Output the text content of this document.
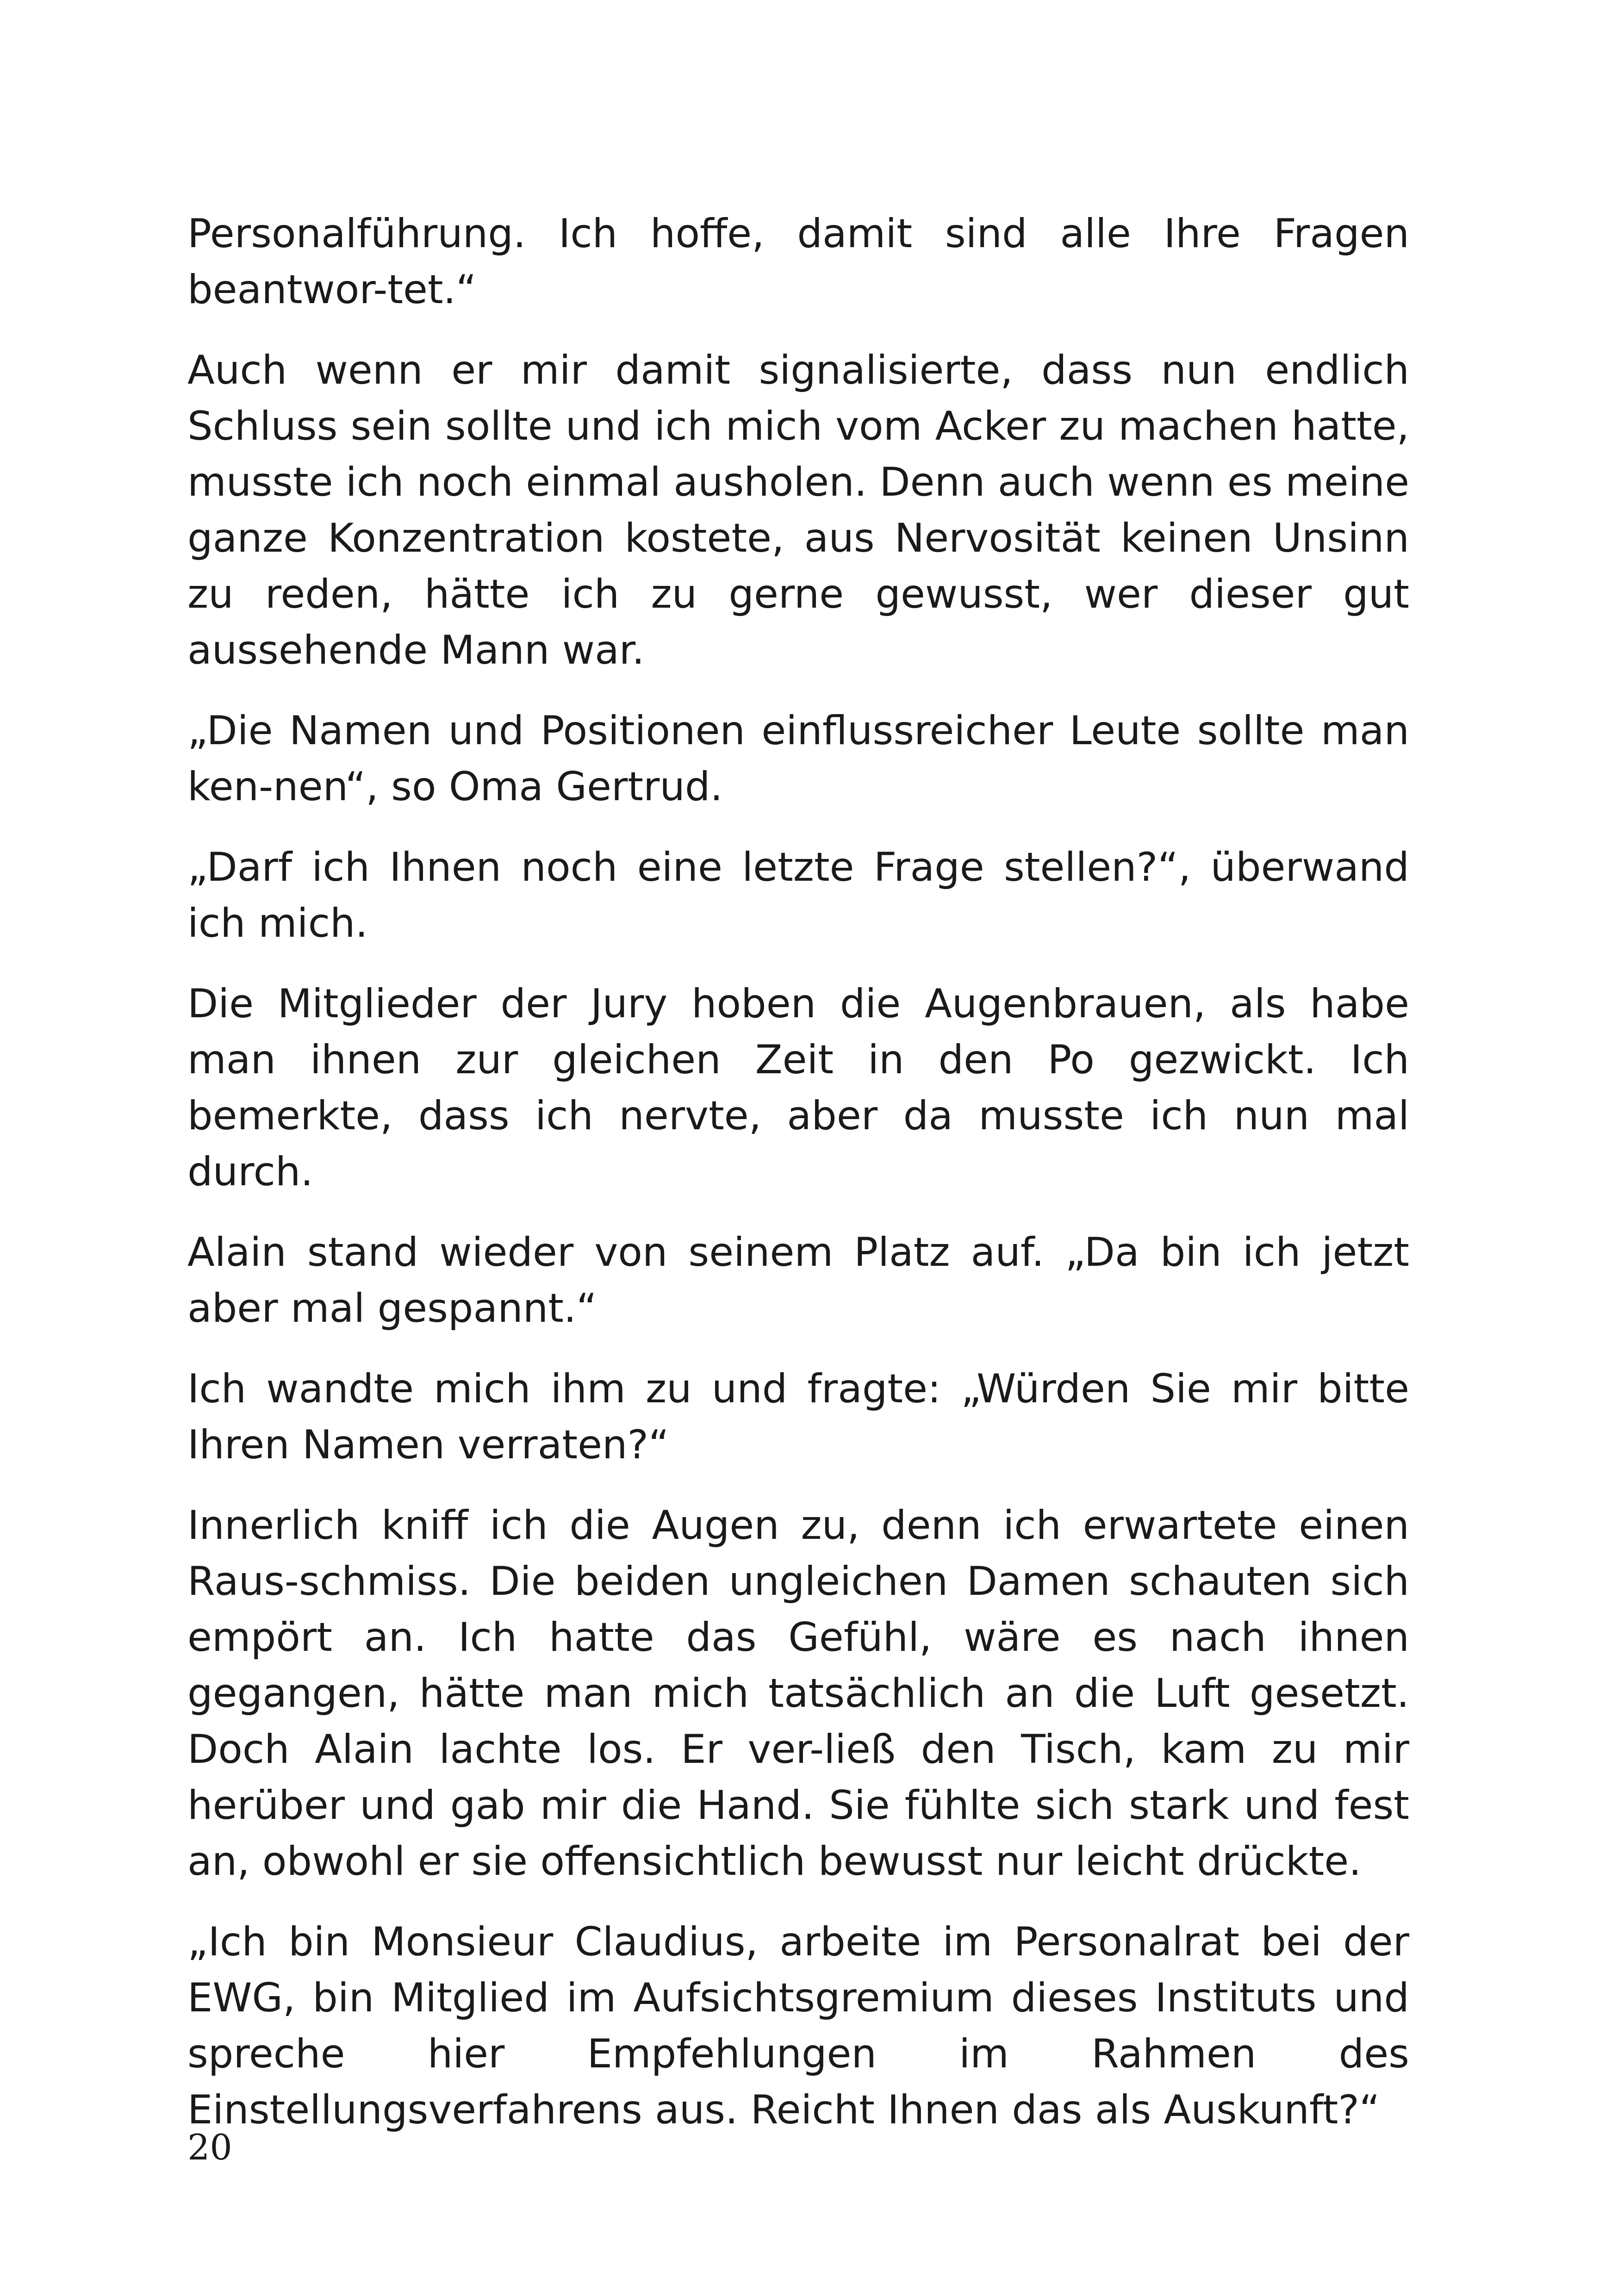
Personalführung. Ich hoffe, damit sind alle Ihre Fragen beantwor-tet.“

Auch wenn er mir damit signalisierte, dass nun endlich Schluss sein sollte und ich mich vom Acker zu machen hatte, musste ich noch einmal ausholen. Denn auch wenn es meine ganze Konzentration kostete, aus Nervosität keinen Unsinn zu reden, hätte ich zu gerne gewusst, wer dieser gut aussehende Mann war.

„Die Namen und Positionen einflussreicher Leute sollte man ken-nen“, so Oma Gertrud.

„Darf ich Ihnen noch eine letzte Frage stellen?“, überwand ich mich.

Die Mitglieder der Jury hoben die Augenbrauen, als habe man ihnen zur gleichen Zeit in den Po gezwickt. Ich bemerkte, dass ich nervte, aber da musste ich nun mal durch.

Alain stand wieder von seinem Platz auf. „Da bin ich jetzt aber mal gespannt.“

Ich wandte mich ihm zu und fragte: „Würden Sie mir bitte Ihren Namen verraten?“

Innerlich kniff ich die Augen zu, denn ich erwartete einen Raus-schmiss. Die beiden ungleichen Damen schauten sich empört an. Ich hatte das Gefühl, wäre es nach ihnen gegangen, hätte man mich tatsächlich an die Luft gesetzt. Doch Alain lachte los. Er ver-ließ den Tisch, kam zu mir herüber und gab mir die Hand. Sie fühlte sich stark und fest an, obwohl er sie offensichtlich bewusst nur leicht drückte.

„Ich bin Monsieur Claudius, arbeite im Personalrat bei der EWG, bin Mitglied im Aufsichtsgremium dieses Instituts und spreche hier Empfehlungen im Rahmen des Einstellungsverfahrens aus. Reicht Ihnen das als Auskunft?“

20
